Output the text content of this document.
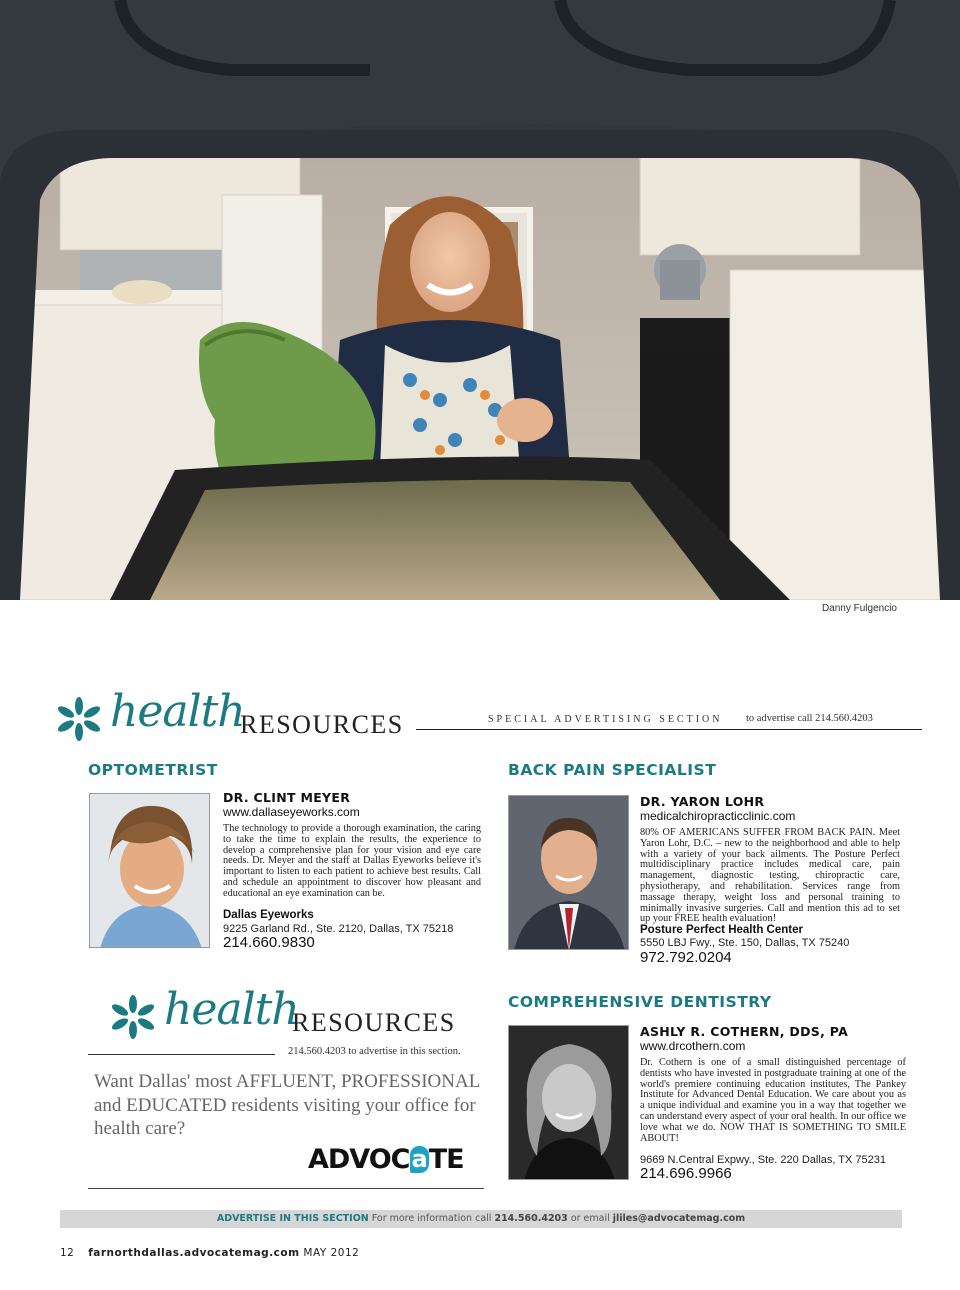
Danny Fulgencio
health
RESOURCES	SPECIAL ADVERTISING SECTION to advertise call 214.560.4203
OPTOMETRIST
DR. CLINT MEYER
www.dallaseyeworks.com
The technology to provide a thorough examination, the caring to take the time to explain the results, the experience to develop a comprehensive plan for your vision and eye care needs. Dr. Meyer and the staff at Dallas Eyeworks believe it's important to listen to each patient to achieve best results. Call and schedule an appointment to discover how pleasant and educational an eye examination can be.
Dallas Eyeworks
9225 Garland Rd., Ste. 2120, Dallas, TX 75218
214.660.9830
BACK PAIN SPECIALIST
DR. YARON LOHR
medicalchiropracticclinic.com
80% OF AMERICANS SUFFER FROM BACK PAIN. Meet Yaron Lohr, D.C. – new to the neighborhood and able to help with a variety of your back ailments. The Posture Perfect multidisciplinary practice includes medical care, pain management, diagnostic testing, chiropractic care, physiotherapy, and rehabilitation. Services range from massage therapy, weight loss and personal training to minimally invasive surgeries. Call and mention this ad to set up your FREE health evaluation!
Posture Perfect Health Center
5550 LBJ Fwy., Ste. 150, Dallas, TX 75240
972.792.0204
health
RESOURCES
214.560.4203 to advertise in this section.
Want Dallas' most AFFLUENT, PROFESSIONAL and EDUCATED residents visiting your office for health care?
ADVOCaTE
COMPREHENSIVE DENTISTRY
ASHLY R. COTHERN, DDS, PA
www.drcothern.com
Dr. Cothern is one of a small distinguished percentage of dentists who have invested in postgraduate training at one of the world's premiere continuing education institutes, The Pankey Institute for Advanced Dental Education. We care about you as a unique individual and examine you in a way that together we can understand every aspect of your oral health. In our office we love what we do. NOW THAT IS SOMETHING TO SMILE ABOUT!
9669 N.Central Expwy., Ste. 220 Dallas, TX 75231
214.696.9966
ADVERTISE IN THIS SECTION For more information call 214.560.4203 or email jliles@advocatemag.com
12 farnorthdallas.advocatemag.com MAY 2012
